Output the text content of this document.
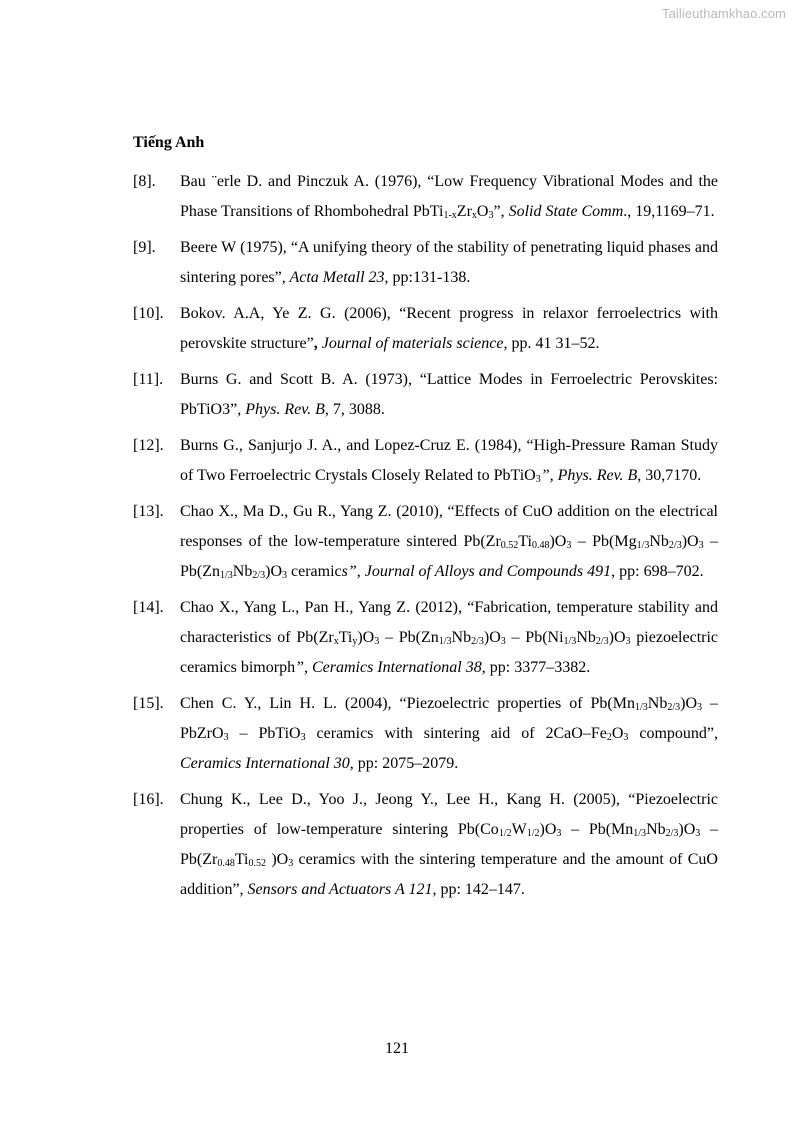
Tailieuthamkhao.com
Tiếng Anh
[8].	Bau ¨erle D. and Pinczuk A. (1976), “Low Frequency Vibrational Modes and the Phase Transitions of Rhombohedral $PbTi_{1-x}Zr_xO_3$”, Solid State Comm., 19,1169–71.
[9].	Beere W (1975), “A unifying theory of the stability of penetrating liquid phases and sintering pores”, Acta Metall 23, pp:131-138.
[10].	Bokov. A.A, Ye Z. G. (2006), “Recent progress in relaxor ferroelectrics with perovskite structure”, Journal of materials science, pp. 41 31–52.
[11].	Burns G. and Scott B. A. (1973), “Lattice Modes in Ferroelectric Perovskites: PbTiO3”, Phys. Rev. B, 7, 3088.
[12].	Burns G., Sanjurjo J. A., and Lopez-Cruz E. (1984), “High-Pressure Raman Study of Two Ferroelectric Crystals Closely Related to PbTiO$_3$”, Phys. Rev. B, 30,7170.
[13].	Chao X., Ma D., Gu R., Yang Z. (2010), “Effects of CuO addition on the electrical responses of the low-temperature sintered $Pb(Zr_{0.52}Ti_{0.48})O_3 - Pb(Mg_{1/3}Nb_{2/3})O_3 - Pb(Zn_{1/3}Nb_{2/3})O_3$ ceramics”, Journal of Alloys and Compounds 491, pp: 698–702.
[14].	Chao X., Yang L., Pan H., Yang Z. (2012), “Fabrication, temperature stability and characteristics of $Pb(Zr_xTi_y)O_3 - Pb(Zn_{1/3}Nb_{2/3})O_3 - Pb(Ni_{1/3}Nb_{2/3})O_3$ piezoelectric ceramics bimorph”, Ceramics International 38, pp: 3377–3382.
[15].	Chen C. Y., Lin H. L. (2004), “Piezoelectric properties of $Pb(Mn_{1/3}Nb_{2/3})O_3$ – PbZrO$_3$ – PbTiO$_3$ ceramics with sintering aid of $2CaO-Fe_2O_3$ compound”, Ceramics International 30, pp: 2075–2079.
[16].	Chung K., Lee D., Yoo J., Jeong Y., Lee H., Kang H. (2005), “Piezoelectric properties of low-temperature sintering $Pb(Co_{1/2}W_{1/2})O_3 - Pb(Mn_{1/3}Nb_{2/3})O_3 - Pb(Zr_{0.48}Ti_{0.52}$ )$O_3$ ceramics with the sintering temperature and the amount of CuO addition”, Sensors and Actuators A 121, pp: 142–147.
121
